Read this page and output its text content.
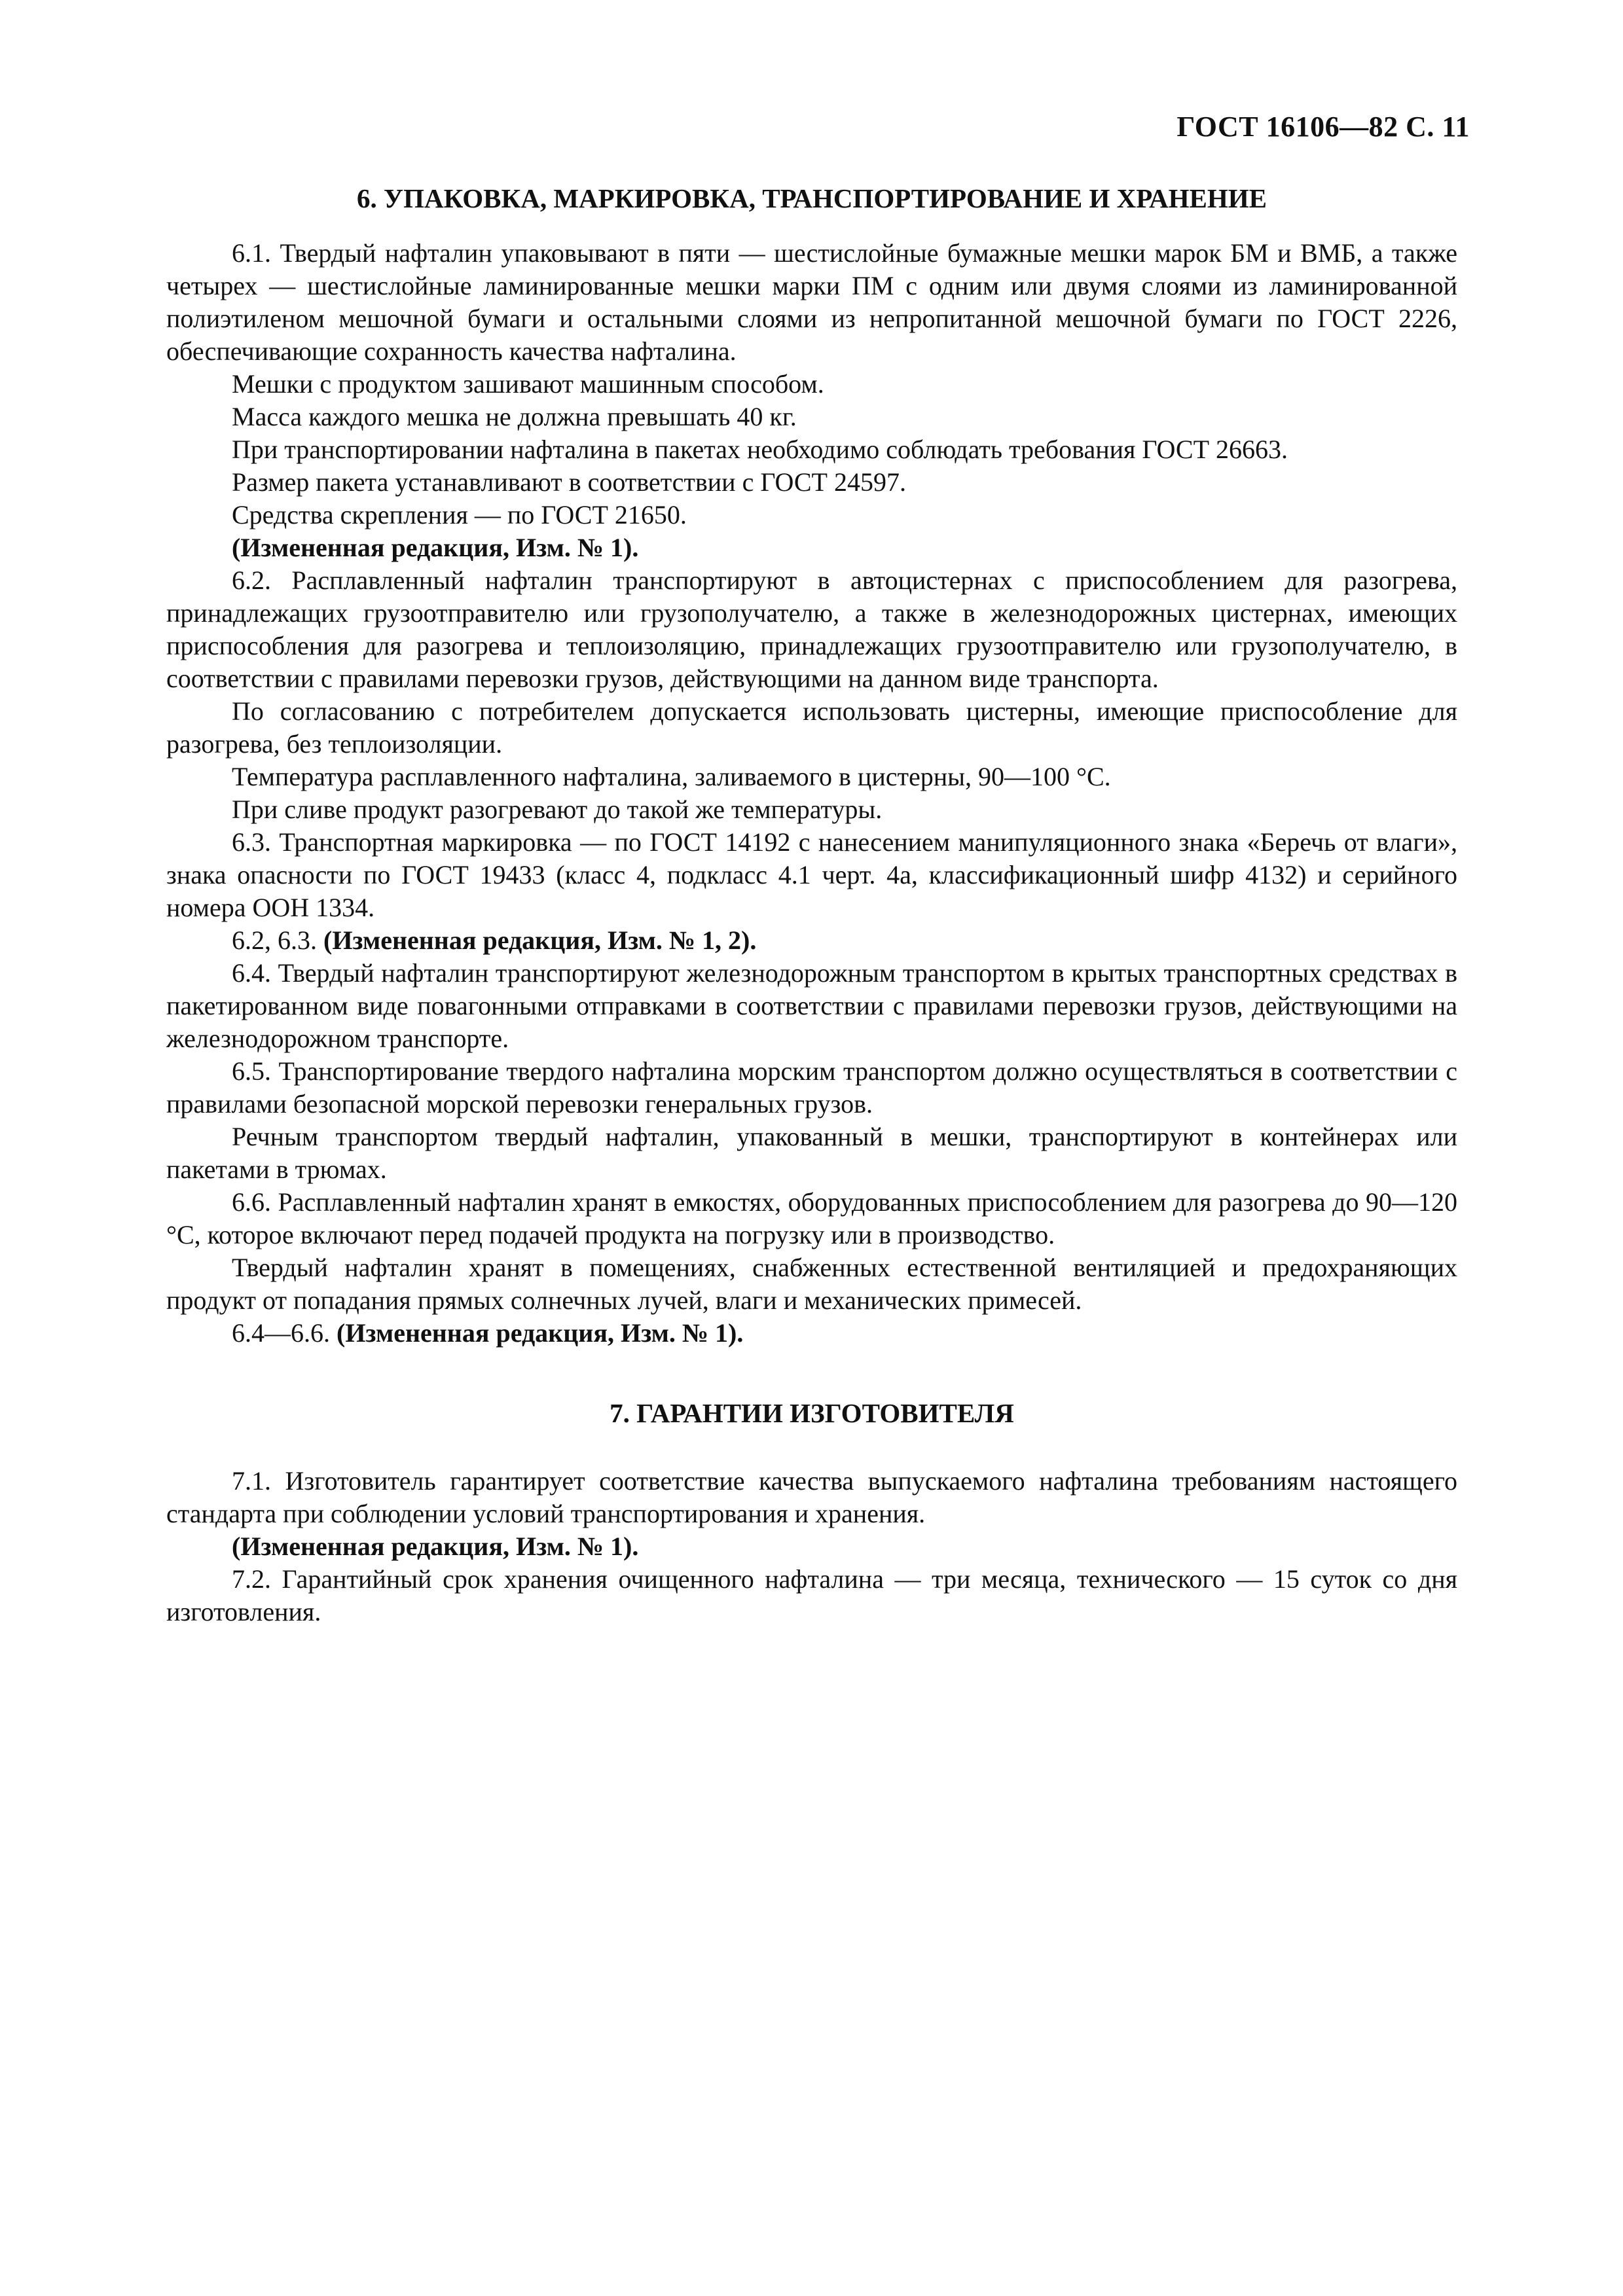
ГОСТ 16106—82 С. 11
6. УПАКОВКА, МАРКИРОВКА, ТРАНСПОРТИРОВАНИЕ И ХРАНЕНИЕ

6.1. Твердый нафталин упаковывают в пяти — шестислойные бумажные мешки марок БМ и ВМБ, а также четырех — шестислойные ламинированные мешки марки ПМ с одним или двумя слоями из ламинированной полиэтиленом мешочной бумаги и остальными слоями из непропитанной мешочной бумаги по ГОСТ 2226, обеспечивающие сохранность качества нафталина.

Мешки с продуктом зашивают машинным способом.

Масса каждого мешка не должна превышать 40 кг.

При транспортировании нафталина в пакетах необходимо соблюдать требования ГОСТ 26663.

Размер пакета устанавливают в соответствии с ГОСТ 24597.

Средства скрепления — по ГОСТ 21650.

(Измененная редакция, Изм. № 1).

6.2. Расплавленный нафталин транспортируют в автоцистернах с приспособлением для разогрева, принадлежащих грузоотправителю или грузополучателю, а также в железнодорожных цистернах, имеющих приспособления для разогрева и теплоизоляцию, принадлежащих грузоотправителю или грузополучателю, в соответствии с правилами перевозки грузов, действующими на данном виде транспорта.

По согласованию с потребителем допускается использовать цистерны, имеющие приспособление для разогрева, без теплоизоляции.

Температура расплавленного нафталина, заливаемого в цистерны, 90—100 °С.

При сливе продукт разогревают до такой же температуры.

6.3. Транспортная маркировка — по ГОСТ 14192 с нанесением манипуляционного знака «Беречь от влаги», знака опасности по ГОСТ 19433 (класс 4, подкласс 4.1 черт. 4а, классификационный шифр 4132) и серийного номера ООН 1334.

6.2, 6.3. (Измененная редакция, Изм. № 1, 2).

6.4. Твердый нафталин транспортируют железнодорожным транспортом в крытых транспортных средствах в пакетированном виде повагонными отправками в соответствии с правилами перевозки грузов, действующими на железнодорожном транспорте.

6.5. Транспортирование твердого нафталина морским транспортом должно осуществляться в соответствии с правилами безопасной морской перевозки генеральных грузов.

Речным транспортом твердый нафталин, упакованный в мешки, транспортируют в контейнерах или пакетами в трюмах.

6.6. Расплавленный нафталин хранят в емкостях, оборудованных приспособлением для разогрева до 90—120 °С, которое включают перед подачей продукта на погрузку или в производство.

Твердый нафталин хранят в помещениях, снабженных естественной вентиляцией и предохраняющих продукт от попадания прямых солнечных лучей, влаги и механических примесей.

6.4—6.6. (Измененная редакция, Изм. № 1).

7. ГАРАНТИИ ИЗГОТОВИТЕЛЯ

7.1. Изготовитель гарантирует соответствие качества выпускаемого нафталина требованиям настоящего стандарта при соблюдении условий транспортирования и хранения.

(Измененная редакция, Изм. № 1).

7.2. Гарантийный срок хранения очищенного нафталина — три месяца, технического — 15 суток со дня изготовления.
